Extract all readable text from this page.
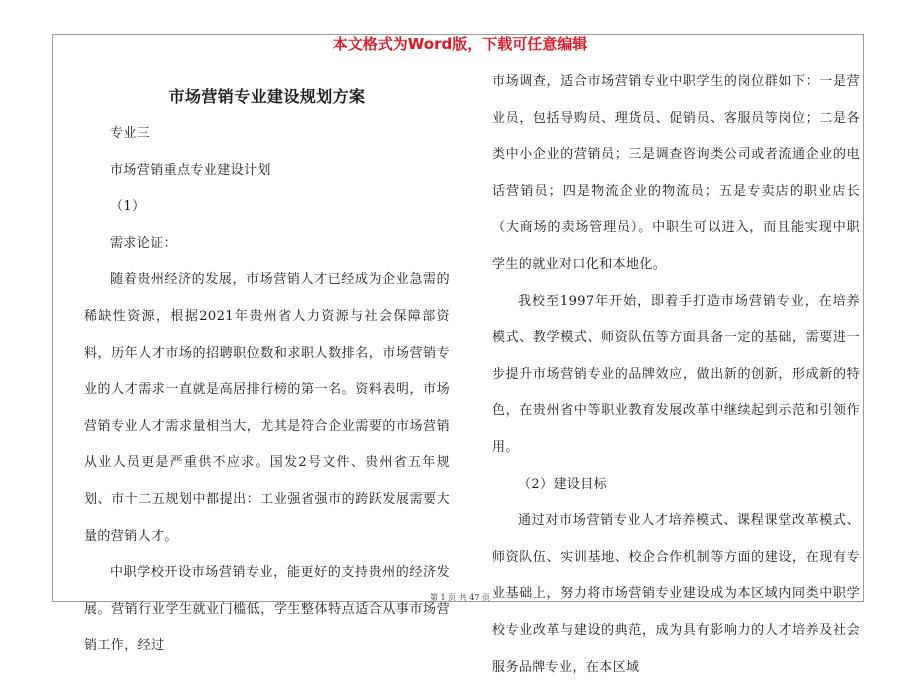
本文格式为Word版，下载可任意编辑

市场营销专业建设规划方案

专业三

市场营销重点专业建设计划

（1）

需求论证：

随着贵州经济的发展，市场营销人才已经成为企业急需的稀缺性资源，根据2021年贵州省人力资源与社会保障部资料，历年人才市场的招聘职位数和求职人数排名，市场营销专业的人才需求一直就是高居排行榜的第一名。资料表明，市场营销专业人才需求量相当大，尤其是符合企业需要的市场营销从业人员更是严重供不应求。国发2号文件、贵州省五年规划、市十二五规划中都提出：工业强省强市的跨跃发展需要大量的营销人才。

中职学校开设市场营销专业，能更好的支持贵州的经济发展。营销行业学生就业门槛低，学生整体特点适合从事市场营销工作，经过

市场调查，适合市场营销专业中职学生的岗位群如下：一是营业员，包括导购员、理货员、促销员、客服员等岗位；二是各类中小企业的营销员；三是调查咨询类公司或者流通企业的电话营销员；四是物流企业的物流员；五是专卖店的职业店长（大商场的卖场管理员）。中职生可以进入，而且能实现中职学生的就业对口化和本地化。

我校至1997年开始，即着手打造市场营销专业，在培养模式、教学模式、师资队伍等方面具备一定的基础，需要进一步提升市场营销专业的品牌效应，做出新的创新，形成新的特色，在贵州省中等职业教育发展改革中继续起到示范和引领作用。

（2）建设目标

通过对市场营销专业人才培养模式、课程课堂改革模式、师资队伍、实训基地、校企合作机制等方面的建设，在现有专业基础上，努力将市场营销专业建设成为本区域内同类中职学校专业改革与建设的典范，成为具有影响力的人才培养及社会服务品牌专业，在本区域

第 1 页 共 47 页
